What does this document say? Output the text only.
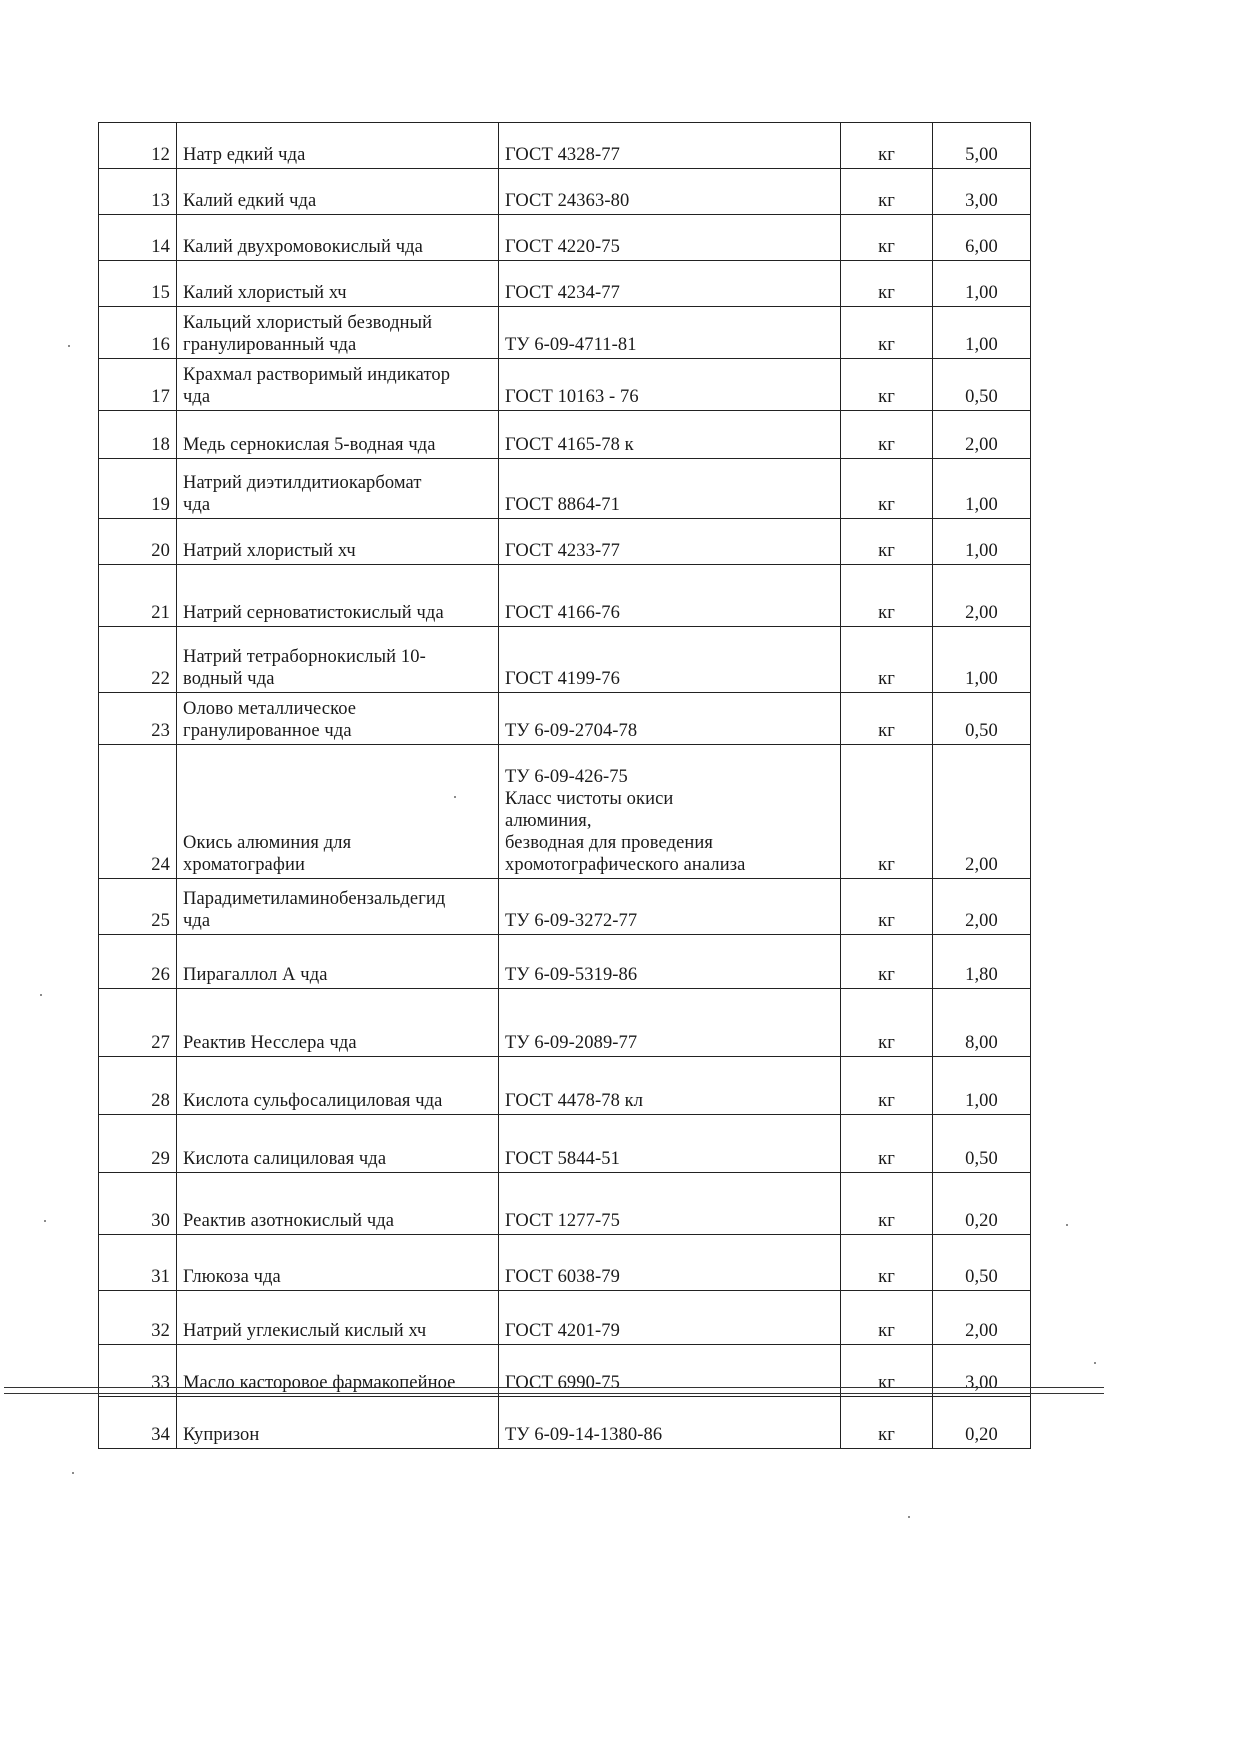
12	Натр едкий чда	ГОСТ 4328-77	кг	5,00
13	Калий едкий чда	ГОСТ 24363-80	кг	3,00
14	Калий двухромовокислый чда	ГОСТ 4220-75	кг	6,00
15	Калий хлористый хч	ГОСТ 4234-77	кг	1,00
16	Кальций хлористый безводный
гранулированный чда	ТУ 6-09-4711-81	кг	1,00
17	Крахмал растворимый индикатор
чда	ГОСТ 10163 - 76	кг	0,50
18	Медь сернокислая 5-водная чда	ГОСТ 4165-78 к	кг	2,00
19	Натрий диэтилдитиокарбомат
чда	ГОСТ 8864-71	кг	1,00
20	Натрий хлористый хч	ГОСТ 4233-77	кг	1,00
21	Натрий серноватистокислый чда	ГОСТ 4166-76	кг	2,00
22	Натрий тетраборнокислый 10-
водный чда	ГОСТ 4199-76	кг	1,00
23	Олово металлическое
гранулированное чда	ТУ 6-09-2704-78	кг	0,50
24	Окись алюминия для
хроматографии	ТУ 6-09-426-75
Класс чистоты окиси
алюминия,
безводная для проведения
хромотографического анализа	кг	2,00
25	Парадиметиламинобензальдегид
чда	ТУ 6-09-3272-77	кг	2,00
26	Пирагаллол А чда	ТУ 6-09-5319-86	кг	1,80
27	Реактив Несслера чда	ТУ 6-09-2089-77	кг	8,00
28	Кислота сульфосалициловая чда	ГОСТ 4478-78 кл	кг	1,00
29	Кислота салициловая чда	ГОСТ 5844-51	кг	0,50
30	Реактив азотнокислый чда	ГОСТ 1277-75	кг	0,20
31	Глюкоза чда	ГОСТ 6038-79	кг	0,50
32	Натрий углекислый кислый хч	ГОСТ 4201-79	кг	2,00
33	Масло касторовое фармакопейное	ГОСТ 6990-75	кг	3,00
34	Купризон	ТУ 6-09-14-1380-86	кг	0,20
